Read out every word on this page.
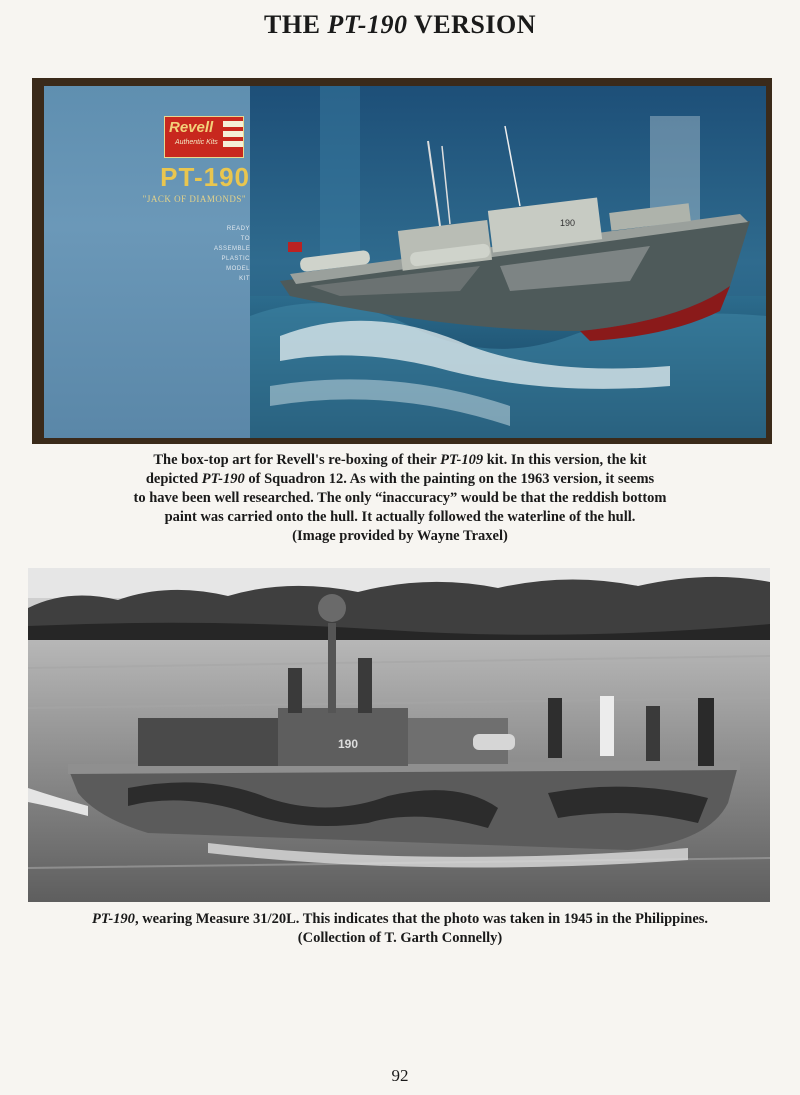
THE PT-190 VERSION
Revell
Authentic Kits
PT-190
"JACK OF DIAMONDS"
READY
TO
ASSEMBLE
PLASTIC
MODEL
KIT
190
The box-top art for Revell's re-boxing of their PT-109 kit. In this version, the kit
depicted PT-190 of Squadron 12. As with the painting on the 1963 version, it seems
to have been well researched. The only “inaccuracy” would be that the reddish bottom
paint was carried onto the hull. It actually followed the waterline of the hull.
(Image provided by Wayne Traxel)
190
PT-190, wearing Measure 31/20L. This indicates that the photo was taken in 1945 in the Philippines.
(Collection of T. Garth Connelly)
92
